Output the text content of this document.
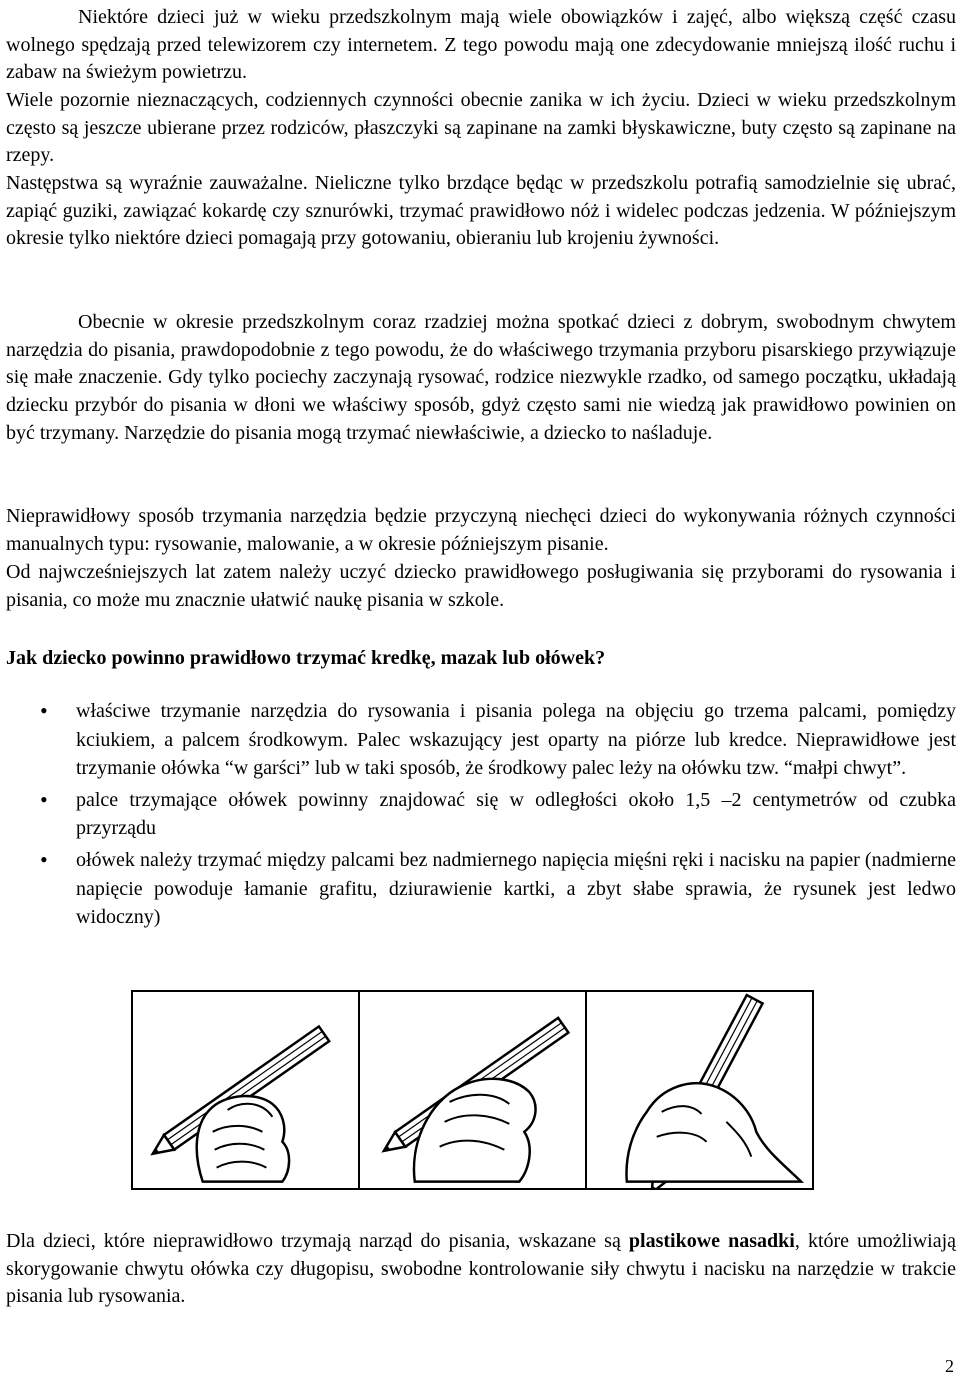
Niektóre dzieci już w wieku przedszkolnym mają wiele obowiązków i zajęć, albo większą część czasu wolnego spędzają przed telewizorem czy internetem. Z tego powodu mają one zdecydowanie mniejszą ilość ruchu i zabaw na świeżym powietrzu.

Wiele pozornie nieznaczących, codziennych czynności obecnie zanika w ich życiu. Dzieci w wieku przedszkolnym często są jeszcze ubierane przez rodziców, płaszczyki są zapinane na zamki błyskawiczne, buty często są zapinane na rzepy.

Następstwa są wyraźnie zauważalne. Nieliczne tylko brzdące będąc w przedszkolu potrafią samodzielnie się ubrać, zapiąć guziki, zawiązać kokardę czy sznurówki, trzymać prawidłowo nóż i widelec podczas jedzenia. W późniejszym okresie tylko niektóre dzieci pomagają przy gotowaniu, obieraniu lub krojeniu żywności.

Obecnie w okresie przedszkolnym coraz rzadziej można spotkać dzieci z dobrym, swobodnym chwytem narzędzia do pisania, prawdopodobnie z tego powodu, że do właściwego trzymania przyboru pisarskiego przywiązuje się małe znaczenie. Gdy tylko pociechy zaczynają rysować, rodzice niezwykle rzadko, od samego początku, układają dziecku przybór do pisania w dłoni we właściwy sposób, gdyż często sami nie wiedzą jak prawidłowo powinien on być trzymany. Narzędzie do pisania mogą trzymać niewłaściwie, a dziecko to naśladuje.

Nieprawidłowy sposób trzymania narzędzia będzie przyczyną niechęci dzieci do wykonywania różnych czynności manualnych typu: rysowanie, malowanie, a w okresie późniejszym pisanie.

Od najwcześniejszych lat zatem należy uczyć dziecko prawidłowego posługiwania się przyborami do rysowania i pisania, co może mu znacznie ułatwić naukę pisania w szkole.

Jak dziecko powinno prawidłowo trzymać kredkę, mazak lub ołówek?

• właściwe trzymanie narzędzia do rysowania i pisania polega na objęciu go trzema palcami, pomiędzy kciukiem, a palcem środkowym. Palec wskazujący jest oparty na piórze lub kredce. Nieprawidłowe jest trzymanie ołówka “w garści” lub w taki sposób, że środkowy palec leży na ołówku tzw. “małpi chwyt”.
• palce trzymające ołówek powinny znajdować się w odległości około 1,5 –2 centymetrów od czubka przyrządu
• ołówek należy trzymać między palcami bez nadmiernego napięcia mięśni ręki i nacisku na papier (nadmierne napięcie powoduje łamanie grafitu, dziurawienie kartki, a zbyt słabe sprawia, że rysunek jest ledwo widoczny)

Dla dzieci, które nieprawidłowo trzymają narząd do pisania, wskazane są plastikowe nasadki, które umożliwiają skorygowanie chwytu ołówka czy długopisu, swobodne kontrolowanie siły chwytu i nacisku na narzędzie w trakcie pisania lub rysowania.

2
